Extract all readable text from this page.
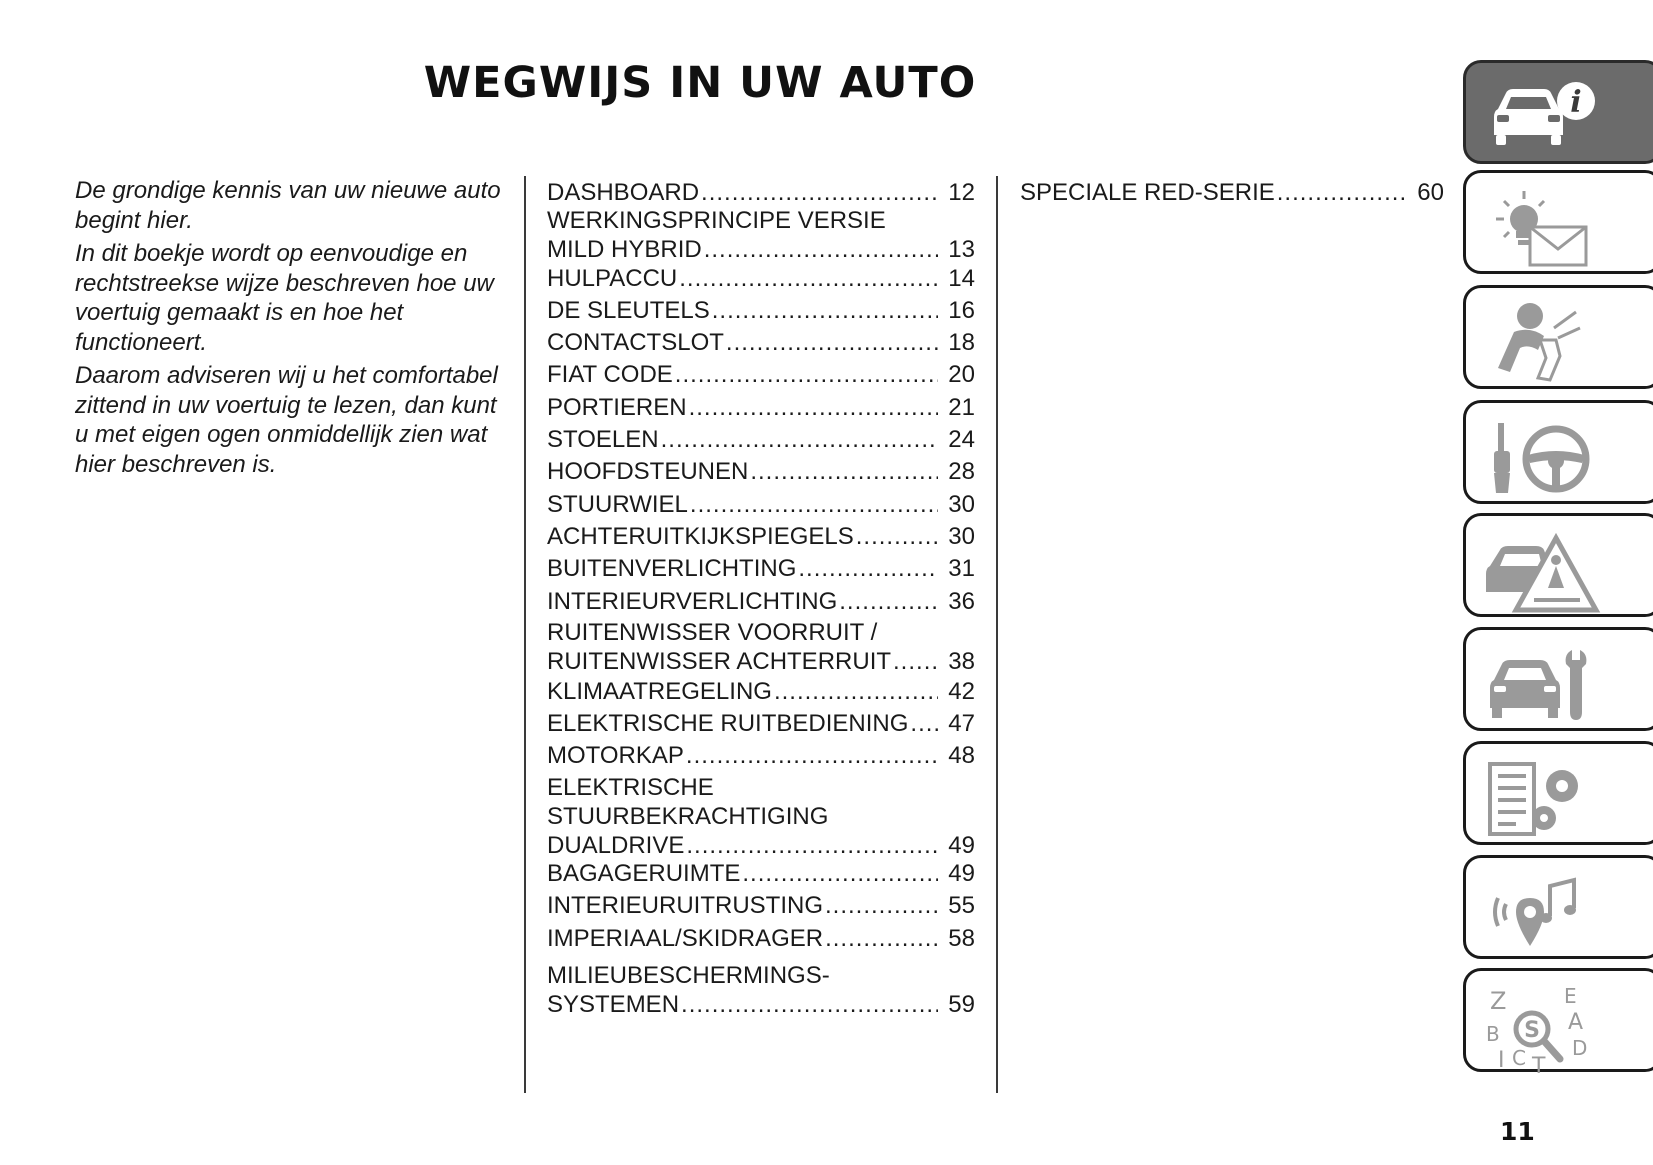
WEGWIJS IN UW AUTO

De grondige kennis van uw nieuwe auto begint hier.

In dit boekje wordt op eenvoudige en rechtstreekse wijze beschreven hoe uw voertuig gemaakt is en hoe het functioneert.

Daarom adviseren wij u het comfortabel zittend in uw voertuig te lezen, dan kunt u met eigen ogen onmiddellijk zien wat hier beschreven is.

DASHBOARD .....	12
WERKINGSPRINCIPE VERSIE
MILD HYBRID .....	13
HULPACCU .....	14
DE SLEUTELS .....	16
CONTACTSLOT .....	18
FIAT CODE .....	20
PORTIEREN .....	21
STOELEN .....	24
HOOFDSTEUNEN .....	28
STUURWIEL .....	30
ACHTERUITKIJKSPIEGELS .....	30
BUITENVERLICHTING .....	31
INTERIEURVERLICHTING .....	36
RUITENWISSER VOORRUIT /
RUITENWISSER ACHTERRUIT ..... 38
KLIMAATREGELING .....	42
ELEKTRISCHE RUITBEDIENING ..... 47
MOTORKAP .....	48
ELEKTRISCHE
STUURBEKRACHTIGING
DUALDRIVE .....	49
BAGAGERUIMTE .....	49
INTERIEURUITRUSTING .....	55
IMPERIAAL/SKIDRAGER .....	58
MILIEUBESCHERMINGS-
SYSTEMEN .....	59
SPECIALE RED-SERIE .....	60
i
Z	E
A
B
D
I C T
S
11
